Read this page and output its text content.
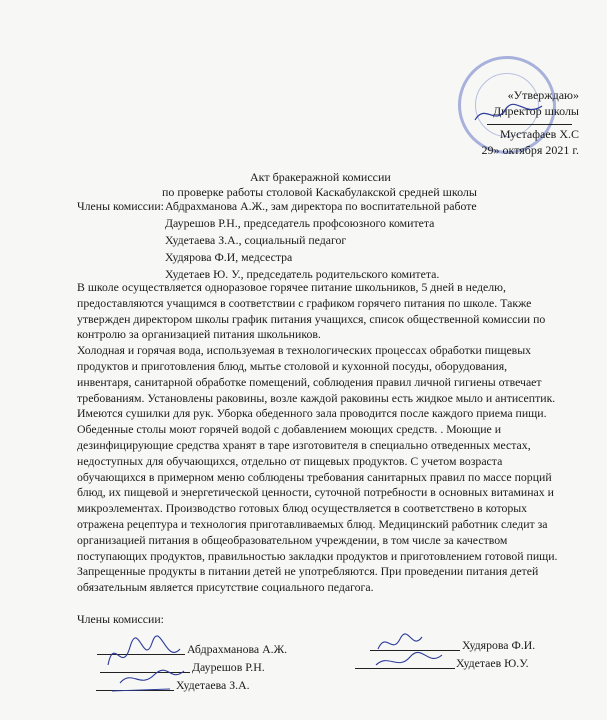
«Утверждаю»
Директор школы
Мустафаев Х.С
29» октября 2021 г.
Акт бракеражной комиссии
по проверке работы столовой Каскабулакской средней школы
Члены комиссии: Абдрахманова А.Ж., зам директора по воспитательной работе
Даурешов Р.Н., председатель профсоюзного комитета
Худетаева З.А., социальный педагог
Худярова Ф.И, медсестра
Худетаев Ю. У., председатель родительского комитета.
В школе осуществляется одноразовое горячее питание школьников, 5 дней в неделю,
предоставляются учащимся в соответствии с графиком горячего питания по школе. Также
утвержден директором школы график питания учащихся, список общественной комиссии по
контролю за организацией питания школьников.
Холодная и горячая вода, используемая в технологических процессах обработки пищевых
продуктов и приготовления блюд, мытье столовой и кухонной посуды, оборудования,
инвентаря, санитарной обработке помещений, соблюдения правил личной гигиены отвечает
требованиям. Установлены раковины, возле каждой раковины есть жидкое мыло и антисептик.
Имеются сушилки для рук. Уборка обеденного зала проводится после каждого приема пищи.
Обеденные столы моют горячей водой с добавлением моющих средств. . Моющие и
дезинфицирующие средства хранят в таре изготовителя в специально отведенных местах,
недоступных для обучающихся, отдельно от пищевых продуктов. С учетом возраста
обучающихся в примерном меню соблюдены требования санитарных правил по массе порций
блюд, их пищевой и энергетической ценности, суточной потребности в основных витаминах и
микроэлементах. Производство готовых блюд осуществляется в соответствено в которых
отражена рецептура и технология приготавливаемых блюд. Медицинский работник следит за
организацией питания в общеобразовательном учреждении, в том числе за качеством
поступающих продуктов, правильностью закладки продуктов и приготовлением готовой пищи.
Запрещенные продукты в питании детей не употребляются. При проведении питания детей
обязательным является присутствие социального педагога.
Члены комиссии:
Абдрахманова А.Ж.
Даурешов Р.Н.
Худетаева З.А.
Худярова Ф.И.
Худетаев Ю.У.
